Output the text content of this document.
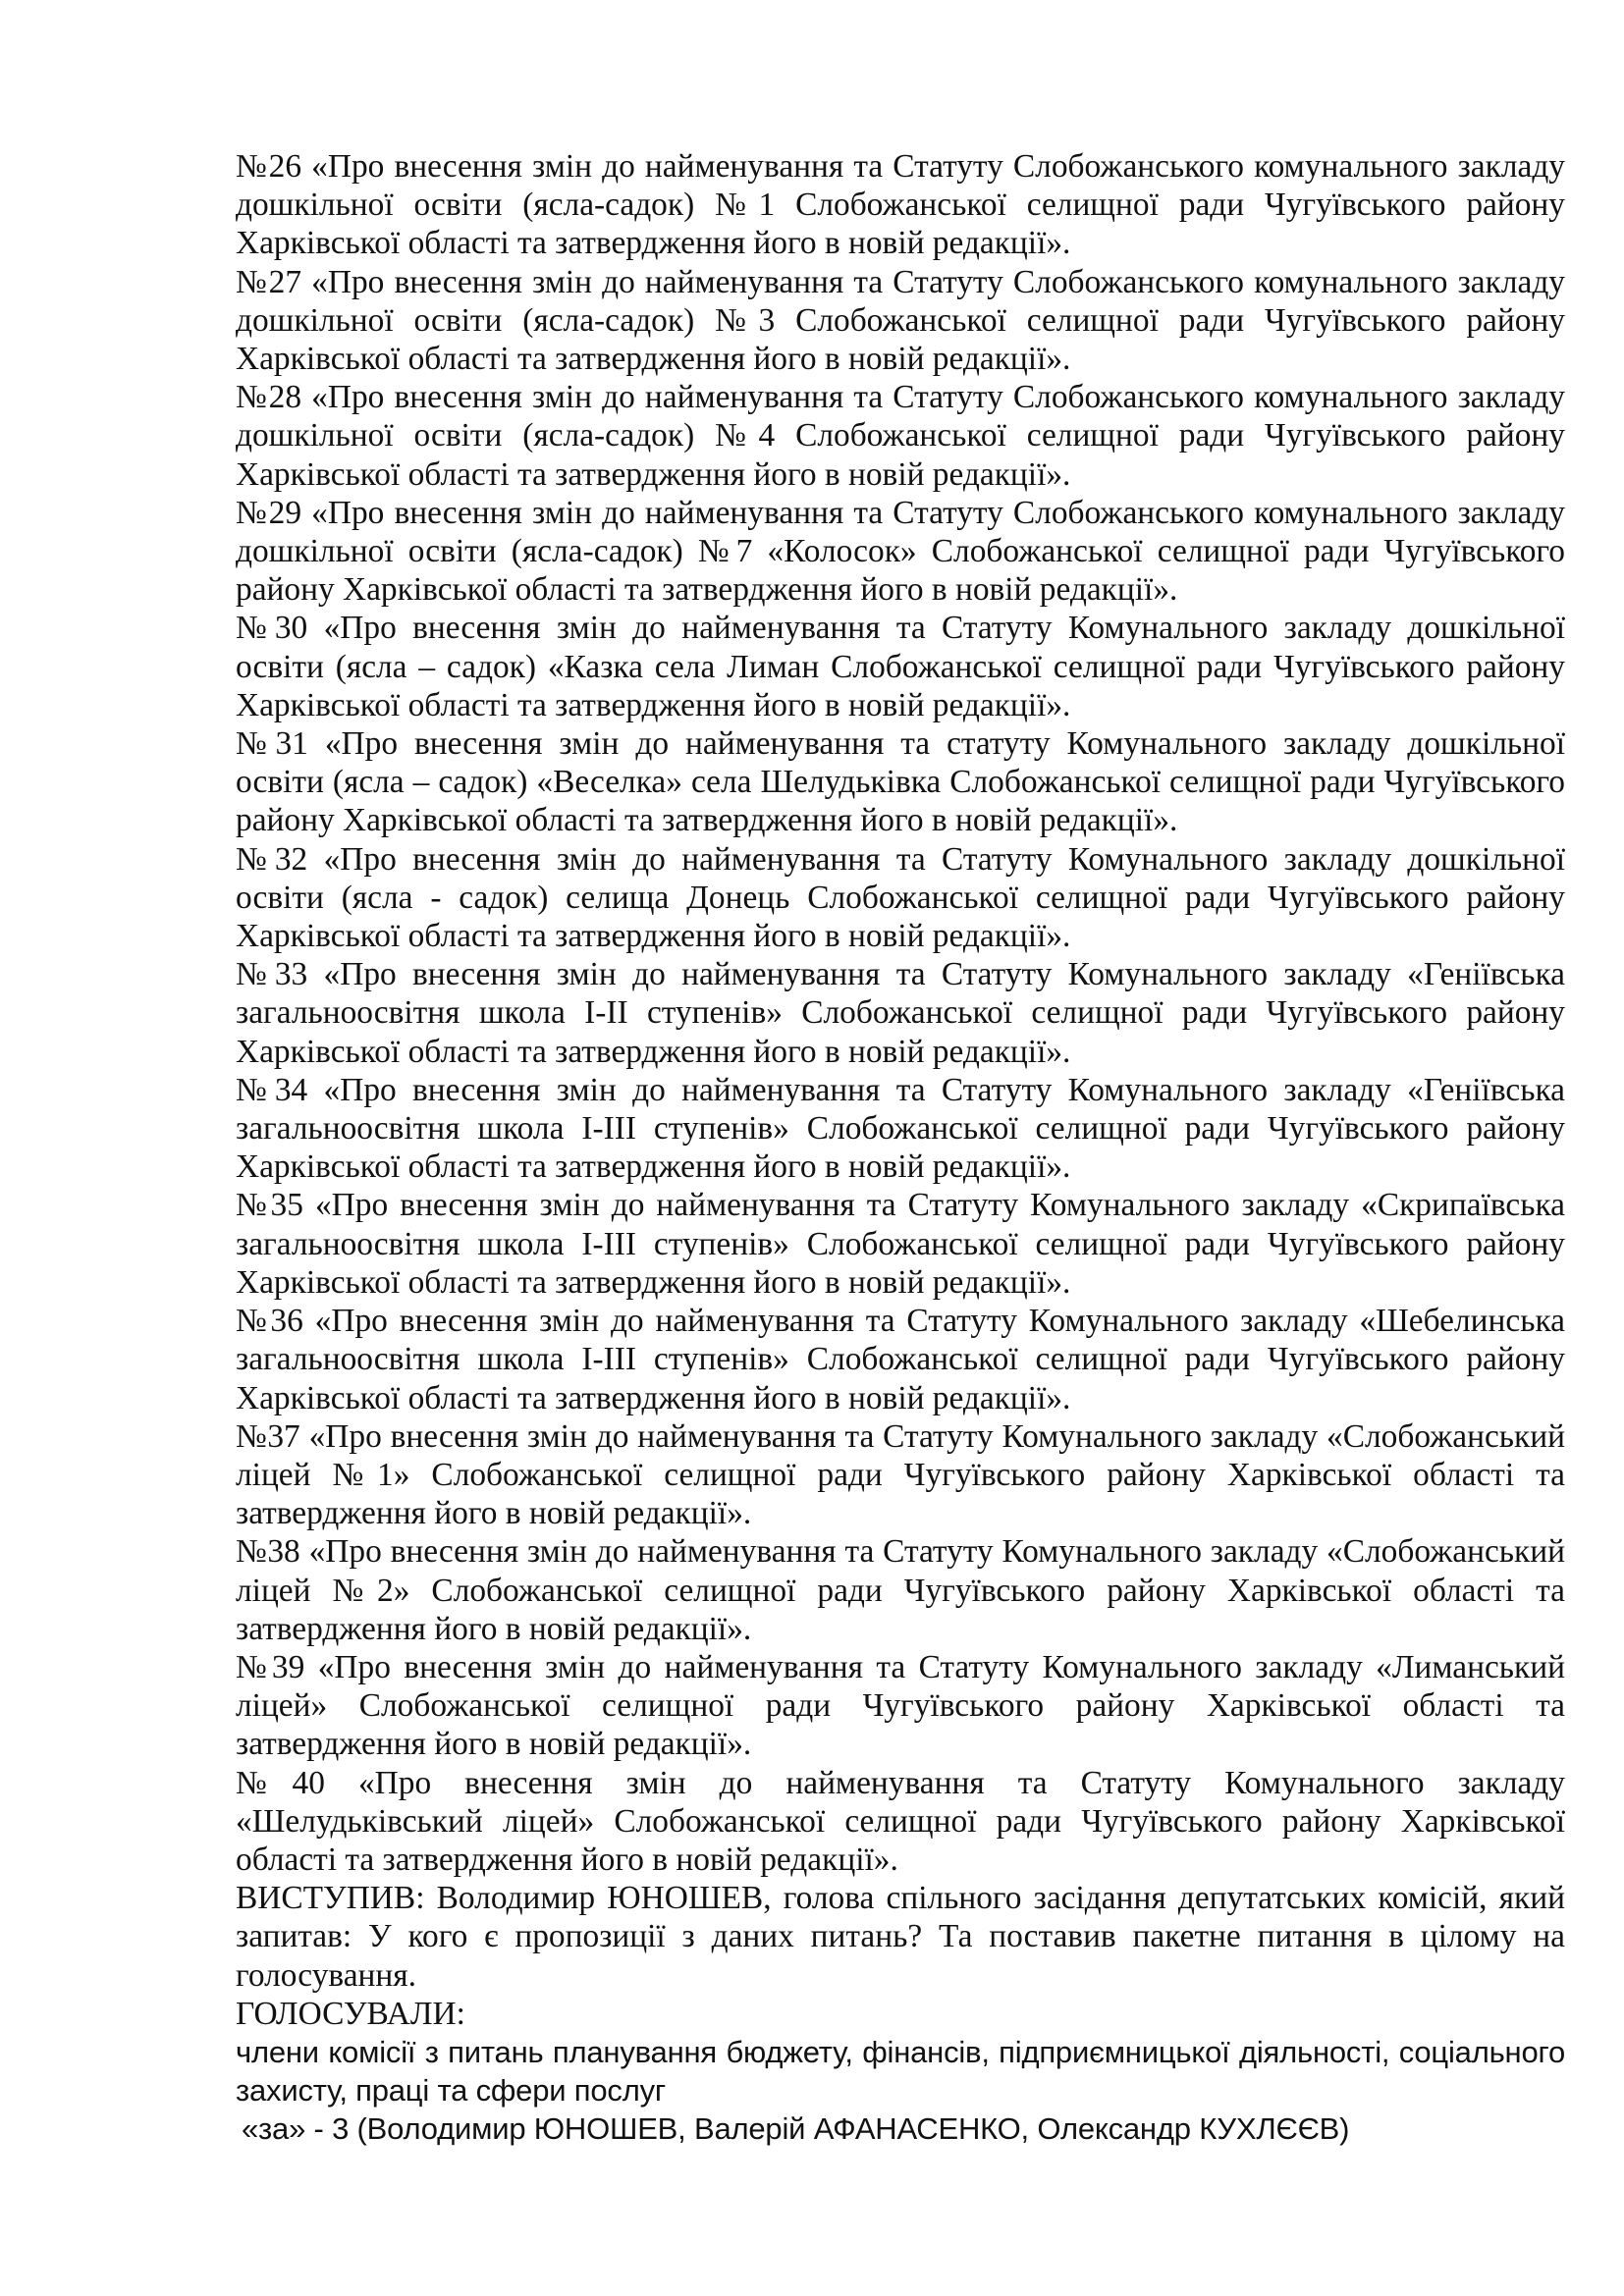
№26 «Про внесення змін до найменування та Статуту Слобожанського комунального закладу дошкільної освіти (ясла-садок) №1 Слобожанської селищної ради Чугуївського району Харківської області та затвердження його в новій редакції».

№27 «Про внесення змін до найменування та Статуту Слобожанського комунального закладу дошкільної освіти (ясла-садок) №3 Слобожанської селищної ради Чугуївського району Харківської області та затвердження його в новій редакції».

№28 «Про внесення змін до найменування та Статуту Слобожанського комунального закладу дошкільної освіти (ясла-садок) №4 Слобожанської селищної ради Чугуївського району Харківської області та затвердження його в новій редакції».

№29 «Про внесення змін до найменування та Статуту Слобожанського комунального закладу дошкільної освіти (ясла-садок) №7 «Колосок» Слобожанської селищної ради Чугуївського району Харківської області та затвердження його в новій редакції».

№30 «Про внесення змін до найменування та Статуту Комунального закладу дошкільної освіти (ясла – садок) «Казка села Лиман Слобожанської селищної ради Чугуївського району Харківської області та затвердження його в новій редакції».

№31 «Про внесення змін до найменування та статуту Комунального закладу дошкільної освіти (ясла – садок) «Веселка» села Шелудьківка Слобожанської селищної ради Чугуївського району Харківської області та затвердження його в новій редакції».

№32 «Про внесення змін до найменування та Статуту Комунального закладу дошкільної освіти (ясла - садок) селища Донець Слобожанської селищної ради Чугуївського району Харківської області та затвердження його в новій редакції».

№33 «Про внесення змін до найменування та Статуту Комунального закладу «Геніївська загальноосвітня школа І-ІІ ступенів» Слобожанської селищної ради Чугуївського району Харківської області та затвердження його в новій редакції».

№34 «Про внесення змін до найменування та Статуту Комунального закладу «Геніївська загальноосвітня школа І-ІІІ ступенів» Слобожанської селищної ради Чугуївського району Харківської області та затвердження його в новій редакції».

№35 «Про внесення змін до найменування та Статуту Комунального закладу «Скрипаївська загальноосвітня школа І-ІІІ ступенів» Слобожанської селищної ради Чугуївського району Харківської області та затвердження його в новій редакції».

№36 «Про внесення змін до найменування та Статуту Комунального закладу «Шебелинська загальноосвітня школа І-ІІІ ступенів» Слобожанської селищної ради Чугуївського району Харківської області та затвердження його в новій редакції».

№37 «Про внесення змін до найменування та Статуту Комунального закладу «Слобожанський ліцей №1» Слобожанської селищної ради Чугуївського району Харківської області та затвердження його в новій редакції».

№38 «Про внесення змін до найменування та Статуту Комунального закладу «Слобожанський ліцей №2» Слобожанської селищної ради Чугуївського району Харківської області та затвердження його в новій редакції».

№39 «Про внесення змін до найменування та Статуту Комунального закладу «Лиманський ліцей» Слобожанської селищної ради Чугуївського району Харківської області та затвердження його в новій редакції».

№40 «Про внесення змін до найменування та Статуту Комунального закладу «Шелудьківський ліцей» Слобожанської селищної ради Чугуївського району Харківської області та затвердження його в новій редакції».

ВИСТУПИВ: Володимир ЮНОШЕВ, голова спільного засідання депутатських комісій, який запитав: У кого є пропозиції з даних питань? Та поставив пакетне питання в цілому на голосування.

ГОЛОСУВАЛИ:

члени комісії з питань планування бюджету, фінансів, підприємницької діяльності, соціального захисту, праці та сфери послуг

«за» - 3 (Володимир ЮНОШЕВ, Валерій АФАНАСЕНКО, Олександр КУХЛЄЄВ)
